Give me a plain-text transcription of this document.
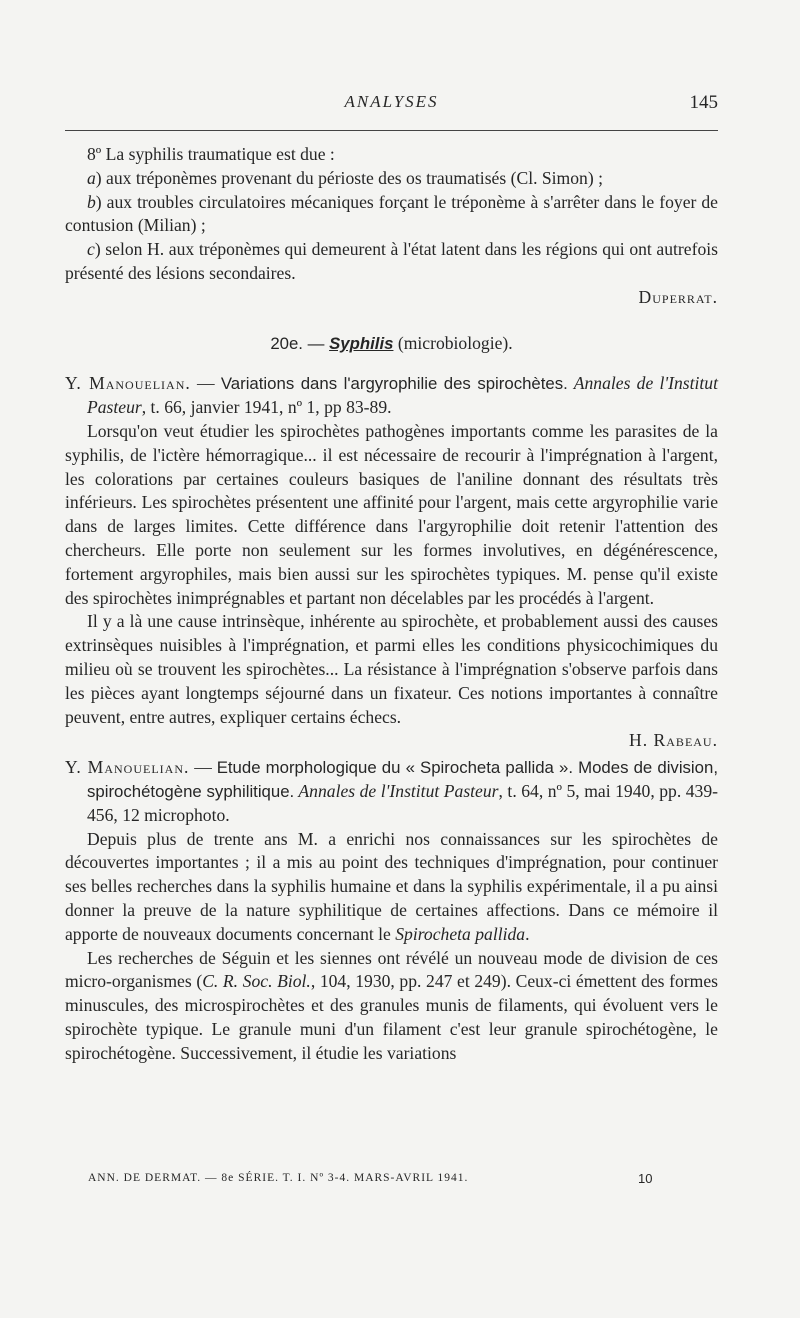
ANALYSES	145

8º La syphilis traumatique est due :

a) aux tréponèmes provenant du périoste des os traumatisés (Cl. Simon) ;

b) aux troubles circulatoires mécaniques forçant le tréponème à s'arrêter dans le foyer de contusion (Milian) ;

c) selon H. aux tréponèmes qui demeurent à l'état latent dans les régions qui ont autrefois présenté des lésions secondaires.

Duperrat.

20e. — Syphilis (microbiologie).

Y. Manouelian. — Variations dans l'argyrophilie des spirochètes. Annales de l'Institut Pasteur, t. 66, janvier 1941, nº 1, pp 83-89.

Lorsqu'on veut étudier les spirochètes pathogènes importants comme les parasites de la syphilis, de l'ictère hémorragique... il est nécessaire de recourir à l'imprégnation à l'argent, les colorations par certaines couleurs basiques de l'aniline donnant des résultats très inférieurs. Les spirochètes présentent une affinité pour l'argent, mais cette argyrophilie varie dans de larges limites. Cette différence dans l'argyrophilie doit retenir l'attention des chercheurs. Elle porte non seulement sur les formes involutives, en dégénérescence, fortement argyrophiles, mais bien aussi sur les spirochètes typiques. M. pense qu'il existe des spirochètes inimprégnables et partant non décelables par les procédés à l'argent.

Il y a là une cause intrinsèque, inhérente au spirochète, et probablement aussi des causes extrinsèques nuisibles à l'imprégnation, et parmi elles les conditions physicochimiques du milieu où se trouvent les spirochètes... La résistance à l'imprégnation s'observe parfois dans les pièces ayant longtemps séjourné dans un fixateur. Ces notions importantes à connaître peuvent, entre autres, expliquer certains échecs.

H. Rabeau.

Y. Manouelian. — Etude morphologique du « Spirocheta pallida ». Modes de division, spirochétogène syphilitique. Annales de l'Institut Pasteur, t. 64, nº 5, mai 1940, pp. 439-456, 12 microphoto.

Depuis plus de trente ans M. a enrichi nos connaissances sur les spirochètes de découvertes importantes ; il a mis au point des techniques d'imprégnation, pour continuer ses belles recherches dans la syphilis humaine et dans la syphilis expérimentale, il a pu ainsi donner la preuve de la nature syphilitique de certaines affections. Dans ce mémoire il apporte de nouveaux documents concernant le Spirocheta pallida.

Les recherches de Séguin et les siennes ont révélé un nouveau mode de division de ces micro-organismes (C. R. Soc. Biol., 104, 1930, pp. 247 et 249). Ceux-ci émettent des formes minuscules, des microspirochètes et des granules munis de filaments, qui évoluent vers le spirochète typique. Le granule muni d'un filament c'est leur granule spirochétogène, le spirochétogène. Successivement, il étudie les variations

ANN. DE DERMAT. — 8e SÉRIE. T. I. Nº 3-4. MARS-AVRIL 1941.	10
